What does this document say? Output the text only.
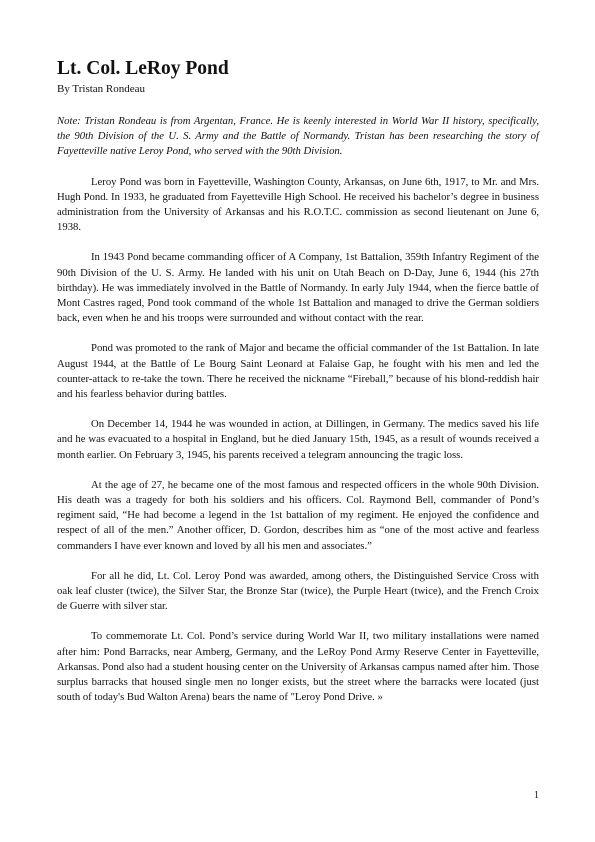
Lt. Col. LeRoy Pond

By Tristan Rondeau

Note: Tristan Rondeau is from Argentan, France. He is keenly interested in World War II history, specifically, the 90th Division of the U. S. Army and the Battle of Normandy. Tristan has been researching the story of Fayetteville native Leroy Pond, who served with the 90th Division.

Leroy Pond was born in Fayetteville, Washington County, Arkansas, on June 6th, 1917, to Mr. and Mrs. Hugh Pond. In 1933, he graduated from Fayetteville High School. He received his bachelor’s degree in business administration from the University of Arkansas and his R.O.T.C. commission as second lieutenant on June 6, 1938.

In 1943 Pond became commanding officer of A Company, 1st Battalion, 359th Infantry Regiment of the 90th Division of the U. S. Army. He landed with his unit on Utah Beach on D-Day, June 6, 1944 (his 27th birthday). He was immediately involved in the Battle of Normandy. In early July 1944, when the fierce battle of Mont Castres raged, Pond took command of the whole 1st Battalion and managed to drive the German soldiers back, even when he and his troops were surrounded and without contact with the rear.

Pond was promoted to the rank of Major and became the official commander of the 1st Battalion. In late August 1944, at the Battle of Le Bourg Saint Leonard at Falaise Gap, he fought with his men and led the counter-attack to re-take the town. There he received the nickname “Fireball,” because of his blond-reddish hair and his fearless behavior during battles.

On December 14, 1944 he was wounded in action, at Dillingen, in Germany. The medics saved his life and he was evacuated to a hospital in England, but he died January 15th, 1945, as a result of wounds received a month earlier. On February 3, 1945, his parents received a telegram announcing the tragic loss.

At the age of 27, he became one of the most famous and respected officers in the whole 90th Division. His death was a tragedy for both his soldiers and his officers. Col. Raymond Bell, commander of Pond’s regiment said, “He had become a legend in the 1st battalion of my regiment. He enjoyed the confidence and respect of all of the men.” Another officer, D. Gordon, describes him as “one of the most active and fearless commanders I have ever known and loved by all his men and associates.”

For all he did, Lt. Col. Leroy Pond was awarded, among others, the Distinguished Service Cross with oak leaf cluster (twice), the Silver Star, the Bronze Star (twice), the Purple Heart (twice), and the French Croix de Guerre with silver star.

To commemorate Lt. Col. Pond’s service during World War II, two military installations were named after him: Pond Barracks, near Amberg, Germany, and the LeRoy Pond Army Reserve Center in Fayetteville, Arkansas. Pond also had a student housing center on the University of Arkansas campus named after him. Those surplus barracks that housed single men no longer exists, but the street where the barracks were located (just south of today's Bud Walton Arena) bears the name of "Leroy Pond Drive. »

1
